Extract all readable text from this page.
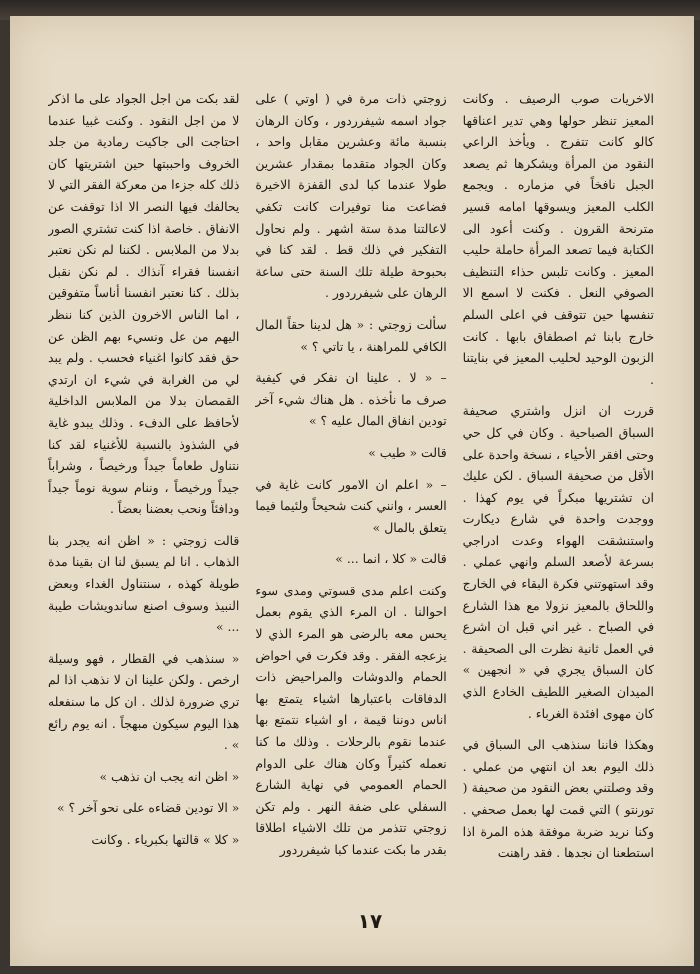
الاخريات صوب الرصيف . وكانت المعيز تنظر حولها وهي تدير اعناقها كالو كانت تتفرج . ويأخذ الراعي النقود من المرأة ويشكرها ثم يصعد الجبل نافخاً في مزماره . ويجمع الكلب المعيز ويسوقها امامه قسير مترنحة القرون . وكنت أعود الى الكتابة فيما تصعد المرأة حاملة حليب المعيز . وكانت تلبس حذاء التنظيف الصوفي النعل . فكنت لا اسمع الا تنفسها حين تتوقف في اعلى السلم خارج بابنا ثم اصطفاق بابها . كانت الزبون الوحيد لحليب المعيز في بنايتنا .

قررت ان انزل واشتري صحيفة السباق الصباحية . وكان في كل حي وحتى افقر الأحياء ، نسخة واحدة على الأقل من صحيفة السباق . لكن عليك ان تشتريها مبكراً في يوم كهذا . ووجدت واحدة في شارع ديكارت واستنشقت الهواء وعدت ادراجي بسرعة لأصعد السلم وانهي عملي . وقد استهوتني فكرة البقاء في الخارج واللحاق بالمعيز نزولا مع هذا الشارع في الصباح . غير اني قبل ان اشرع في العمل ثانية نظرت الى الصحيفة . كان السباق يجري في « انجهين » الميدان الصغير اللطيف الخادع الذي كان مهوى افئدة الغرباء .

وهكذا فاننا سنذهب الى السباق في ذلك اليوم بعد ان انتهي من عملي . وقد وصلتني بعض النقود من صحيفة ( تورنتو ) التي قمت لها بعمل صحفي . وكنا نريد ضربة موفقة هذه المرة اذا استطعنا ان نجدها . فقد راهنت

زوجتي ذات مرة في ( اوتي ) على جواد اسمه شيفرردور ، وكان الرهان بنسبة مائة وعشرين مقابل واحد ، وكان الجواد متقدما بمقدار عشرين طولا عندما كبا لدى القفزة الاخيرة فضاعت منا توفيرات كانت تكفي لاعالتنا مدة ستة اشهر . ولم نحاول التفكير في ذلك قط . لقد كنا في بحبوحة طيلة تلك السنة حتى ساعة الرهان على شيفرردور .

سألت زوجتي : « هل لدينا حقاً المال الكافي للمراهنة ، يا تاتي ؟ »

– « لا . علينا ان نفكر في كيفية صرف ما نأخذه . هل هناك شيء آخر تودين انفاق المال عليه ؟ »

قالت « طيب »

– « اعلم ان الامور كانت غاية في العسر ، وانني كنت شحيحاً ولئيما فيما يتعلق بالمال »

قالت « كلا ، انما ... »

وكنت اعلم مدى قسوتي ومدى سوء احوالنا . ان المرء الذي يقوم بعمل يحس معه بالرضى هو المرء الذي لا يزعجه الفقر . وقد فكرت في احواض الحمام والدوشات والمراحيض ذات الدفاقات باعتبارها اشياء يتمتع بها اناس دوننا قيمة ، او اشياء نتمتع بها عندما نقوم بالرحلات . وذلك ما كنا نعمله كثيراً وكان هناك على الدوام الحمام العمومي في نهاية الشارع السفلي على ضفة النهر . ولم تكن زوجتي تتذمر من تلك الاشياء اطلاقا بقدر ما بكت عندما كبا شيفرردور

لقد بكت من اجل الجواد على ما اذكر لا من اجل النقود . وكنت غبيا عندما احتاجت الى جاكيت رمادية من جلد الخروف واحببتها حين اشتريتها كان ذلك كله جزءا من معركة الفقر التي لا يحالفك فيها النصر الا اذا توقفت عن الانفاق . خاصة اذا كنت تشتري الصور بدلا من الملابس . لكننا لم نكن نعتبر انفسنا فقراء آنذاك . لم نكن نقبل بذلك . كنا نعتبر انفسنا أناساً متفوقين ، اما الناس الاخرون الذين كنا ننظر اليهم من عل ونسيء بهم الظن عن حق فقد كانوا اغنياء فحسب . ولم يبد لي من الغرابة في شيء ان ارتدي القمصان بدلا من الملابس الداخلية لأحافظ على الدفء . وذلك يبدو غاية في الشذوذ بالنسبة للأغنياء لقد كنا نتناول طعاماً جيداً ورخيصاً ، وشراباً جيداً ورخيصاً ، وننام سوية نوماً جيداً ودافئاً ونحب بعضنا بعضاً .

قالت زوجتي : « اظن انه يجدر بنا الذهاب . انا لم يسبق لنا ان بقينا مدة طويلة كهذه ، سنتناول الغداء وبعض النبيذ وسوف اصنع ساندويشات طيبة ... »

« سنذهب في القطار ، فهو وسيلة ارخص . ولكن علينا ان لا نذهب اذا لم تري ضرورة لذلك . ان كل ما سنفعله هذا اليوم سيكون مبهجاً . انه يوم رائع » .

« اظن انه يجب ان نذهب »

« الا تودين قضاءه على نحو آخر ؟ »

« كلا » قالتها بكبرياء . وكانت

١٧
